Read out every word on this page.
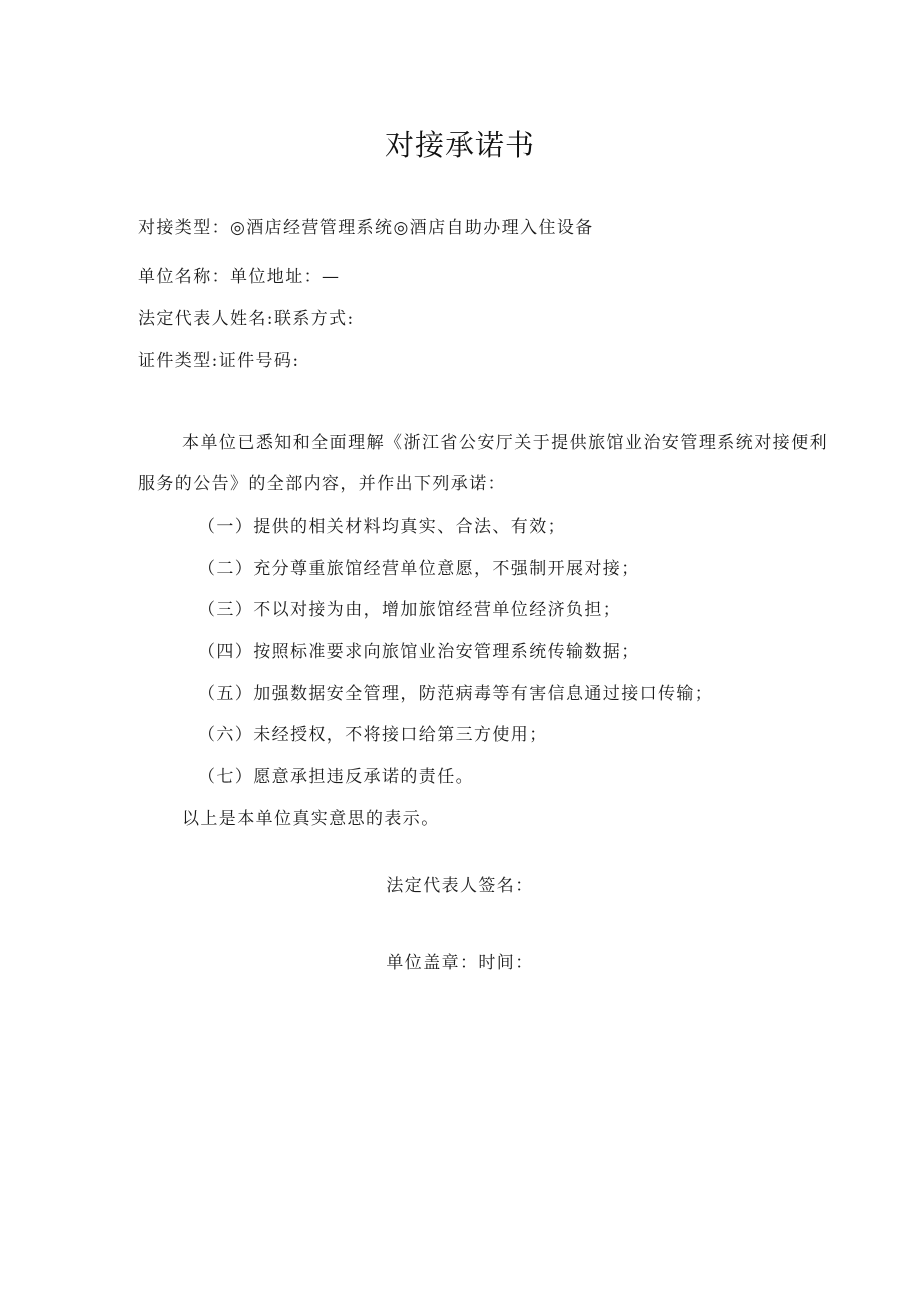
对接承诺书
对接类型：◎酒店经营管理系统◎酒店自助办理入住设备
单位名称：单位地址：—
法定代表人姓名:联系方式:
证件类型:证件号码:
本单位已悉知和全面理解《浙江省公安厅关于提供旅馆业治安管理系统对接便利服务的公告》的全部内容，并作出下列承诺：
（一）提供的相关材料均真实、合法、有效；
（二）充分尊重旅馆经营单位意愿，不强制开展对接；
（三）不以对接为由，增加旅馆经营单位经济负担；
（四）按照标准要求向旅馆业治安管理系统传输数据；
（五）加强数据安全管理，防范病毒等有害信息通过接口传输；
（六）未经授权，不将接口给第三方使用；
（七）愿意承担违反承诺的责任。
以上是本单位真实意思的表示。
法定代表人签名：
单位盖章：时间：
